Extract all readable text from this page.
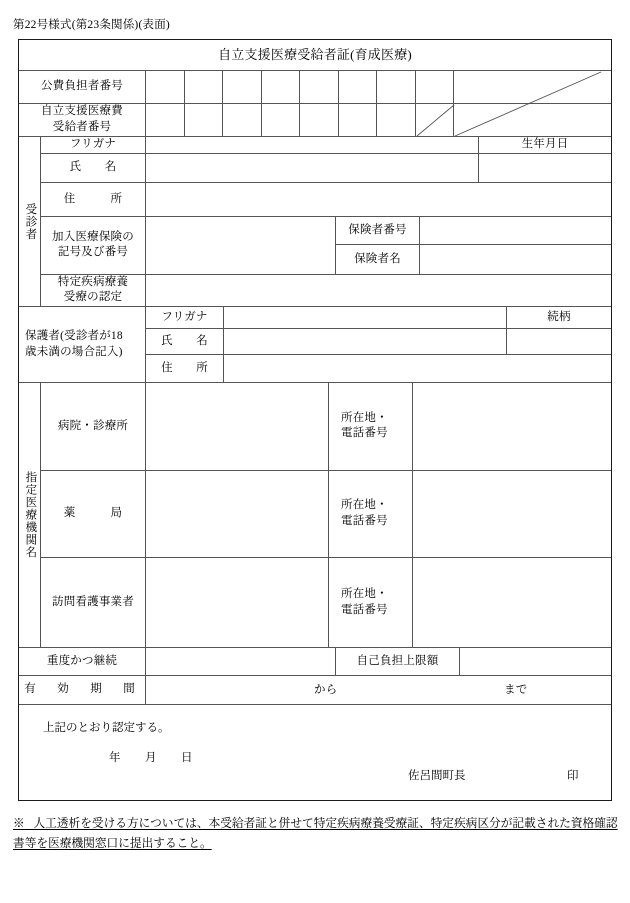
第22号様式(第23条関係)(表面)
自立支援医療受給者証(育成医療)
公費負担者番号
自立支援医療費
受給者番号
受診者
フリガナ	生年月日
氏　　名
住　　　所
加入医療保険の
記号及び番号
保険者番号
保険者名
特定疾病療養
受療の認定
保護者(受診者が18
歳未満の場合記入)
フリガナ	続柄
氏　　名
住　　所
指定医療機関名
病院・診療所
所在地・
電話番号
薬　　　局
所在地・
電話番号
訪問看護事業者
所在地・
電話番号
重度かつ継続	自己負担上限額
有　効　期　間	から	まで
上記のとおり認定する。
年　　月　　日
佐呂間町長	印
※ 人工透析を受ける方については、本受給者証と併せて特定疾病療養受療証、特定疾病区分が記載された資格確認書等を医療機関窓口に提出すること。
